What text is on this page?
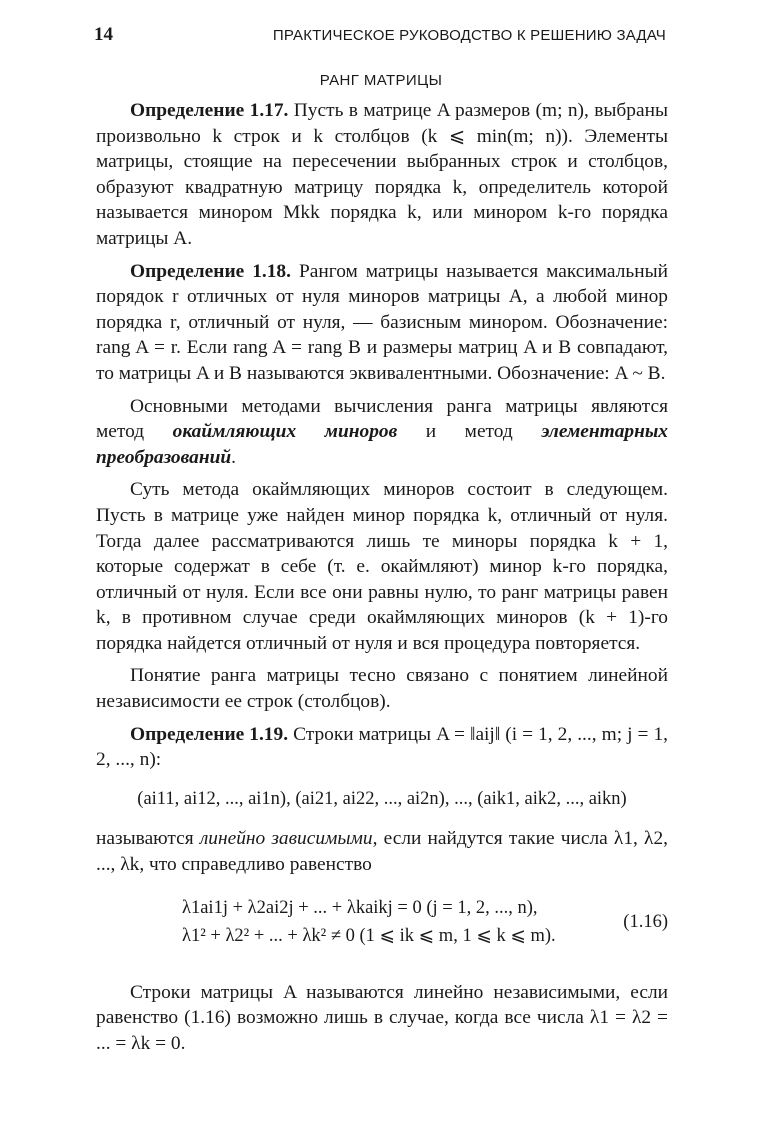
14	ПРАКТИЧЕСКОЕ РУКОВОДСТВО К РЕШЕНИЮ ЗАДАЧ
РАНГ МАТРИЦЫ

Определение 1.17. Пусть в матрице A размеров (m; n), выбраны произвольно k строк и k столбцов (k ⩽ min(m; n)). Элементы матрицы, стоящие на пересечении выбранных строк и столбцов, образуют квадратную матрицу порядка k, определитель которой называется минором Mkk порядка k, или минором k-го порядка матрицы A.

Определение 1.18. Рангом матрицы называется максимальный порядок r отличных от нуля миноров матрицы A, а любой минор порядка r, отличный от нуля, — базисным минором. Обозначение: rang A = r. Если rang A = rang B и размеры матриц A и B совпадают, то матрицы A и B называются эквивалентными. Обозначение: A ~ B.

Основными методами вычисления ранга матрицы являются метод окаймляющих миноров и метод элементарных преобразований.

Суть метода окаймляющих миноров состоит в следующем. Пусть в матрице уже найден минор порядка k, отличный от нуля. Тогда далее рассматриваются лишь те миноры порядка k + 1, которые содержат в себе (т. е. окаймляют) минор k-го порядка, отличный от нуля. Если все они равны нулю, то ранг матрицы равен k, в противном случае среди окаймляющих миноров (k + 1)-го порядка найдется отличный от нуля и вся процедура повторяется.

Понятие ранга матрицы тесно связано с понятием линейной независимости ее строк (столбцов).

Определение 1.19. Строки матрицы A = ‖aij‖ (i = 1, 2, ..., m; j = 1, 2, ..., n):

(ai11, ai12, ..., ai1n), (ai21, ai22, ..., ai2n), ..., (aik1, aik2, ..., aikn)

называются линейно зависимыми, если найдутся такие числа λ1, λ2, ..., λk, что справедливо равенство

λ1ai1j + λ2ai2j + ... + λkaikj = 0 (j = 1, 2, ..., n),
λ1² + λ2² + ... + λk² ≠ 0 (1 ⩽ ik ⩽ m, 1 ⩽ k ⩽ m).
(1.16)

Строки матрицы A называются линейно независимыми, если равенство (1.16) возможно лишь в случае, когда все числа λ1 = λ2 = ... = λk = 0.
